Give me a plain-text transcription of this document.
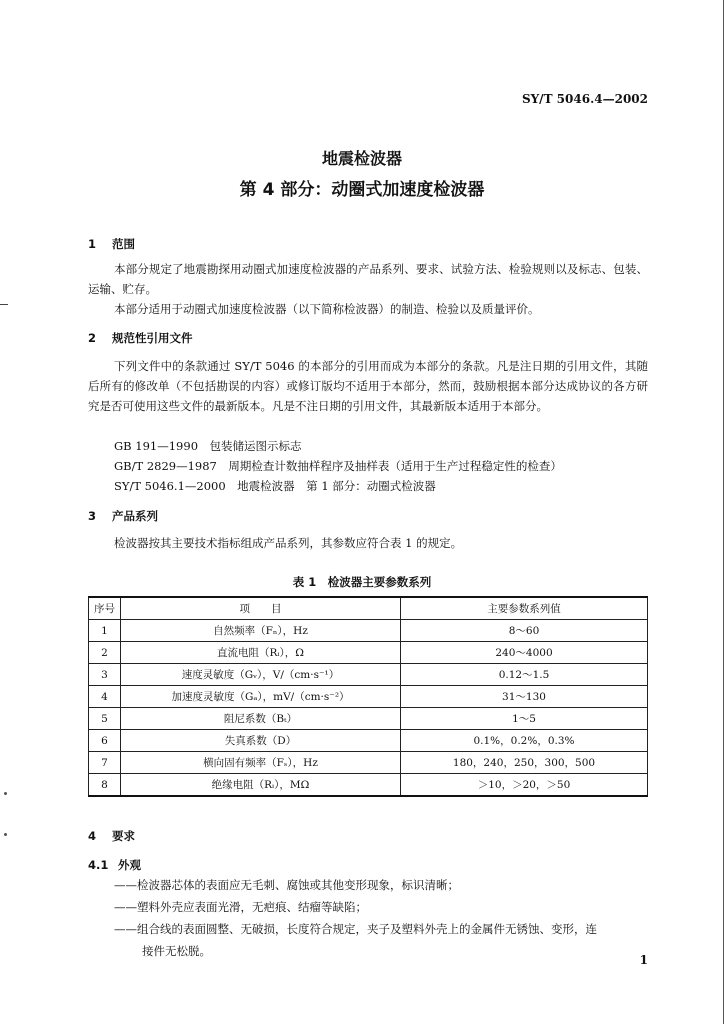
SY/T 5046.4—2002
地震检波器
第 4 部分：动圈式加速度检波器
1 范围
本部分规定了地震勘探用动圈式加速度检波器的产品系列、要求、试验方法、检验规则以及标志、包装、运输、贮存。
本部分适用于动圈式加速度检波器（以下简称检波器）的制造、检验以及质量评价。
2 规范性引用文件
下列文件中的条款通过 SY/T 5046 的本部分的引用而成为本部分的条款。凡是注日期的引用文件，其随后所有的修改单（不包括勘误的内容）或修订版均不适用于本部分，然而，鼓励根据本部分达成协议的各方研究是否可使用这些文件的最新版本。凡是不注日期的引用文件，其最新版本适用于本部分。
GB 191—1990　包装储运图示标志
GB/T 2829—1987　周期检查计数抽样程序及抽样表（适用于生产过程稳定性的检查）
SY/T 5046.1—2000　地震检波器　第 1 部分：动圈式检波器
3 产品系列
检波器按其主要技术指标组成产品系列，其参数应符合表 1 的规定。
表 1　检波器主要参数系列
序号	项　　目	主要参数系列值
1	自然频率（Fₙ），Hz	8～60
2	直流电阻（Rᵢ），Ω	240～4000
3	速度灵敏度（Gᵥ），V/（cm·s⁻¹）	0.12～1.5
4	加速度灵敏度（Gₐ），mV/（cm·s⁻²）	31～130
5	阻尼系数（Bₜ）	1～5
6	失真系数（D）	0.1%，0.2%，0.3%
7	横向固有频率（Fₛ），Hz	180，240，250，300，500
8	绝缘电阻（Rᵢ），MΩ	＞10，＞20，＞50
4 要求
4.1 外观
——检波器芯体的表面应无毛刺、腐蚀或其他变形现象，标识清晰；
——塑料外壳应表面光滑，无疤痕、结瘤等缺陷；
——组合线的表面圆整、无破损，长度符合规定，夹子及塑料外壳上的金属件无锈蚀、变形，连
接件无松脱。
1
